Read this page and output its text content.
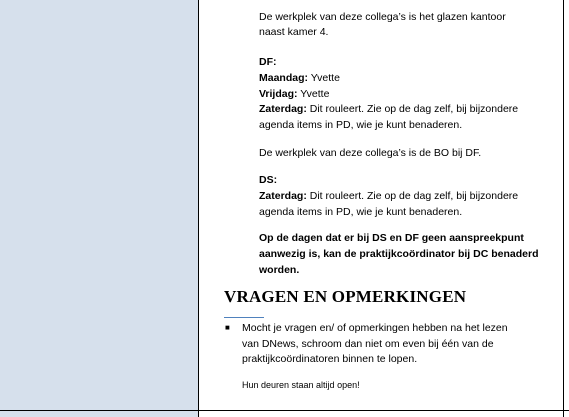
De werkplek van deze collega’s is het glazen kantoor
naast kamer 4.
DF:
Maandag: Yvette
Vrijdag: Yvette
Zaterdag: Dit rouleert. Zie op de dag zelf, bij bijzondere
agenda items in PD, wie je kunt benaderen.
De werkplek van deze collega’s is de BO bij DF.
DS:
Zaterdag: Dit rouleert. Zie op de dag zelf, bij bijzondere
agenda items in PD, wie je kunt benaderen.
Op de dagen dat er bij DS en DF geen aanspreekpunt
aanwezig is, kan de praktijkcoördinator bij DC benaderd
worden.
VRAGEN EN OPMERKINGEN
■ Mocht je vragen en/ of opmerkingen hebben na het lezen
van DNews, schroom dan niet om even bij één van de
praktijkcoördinatoren binnen te lopen.
Hun deuren staan altijd open!
